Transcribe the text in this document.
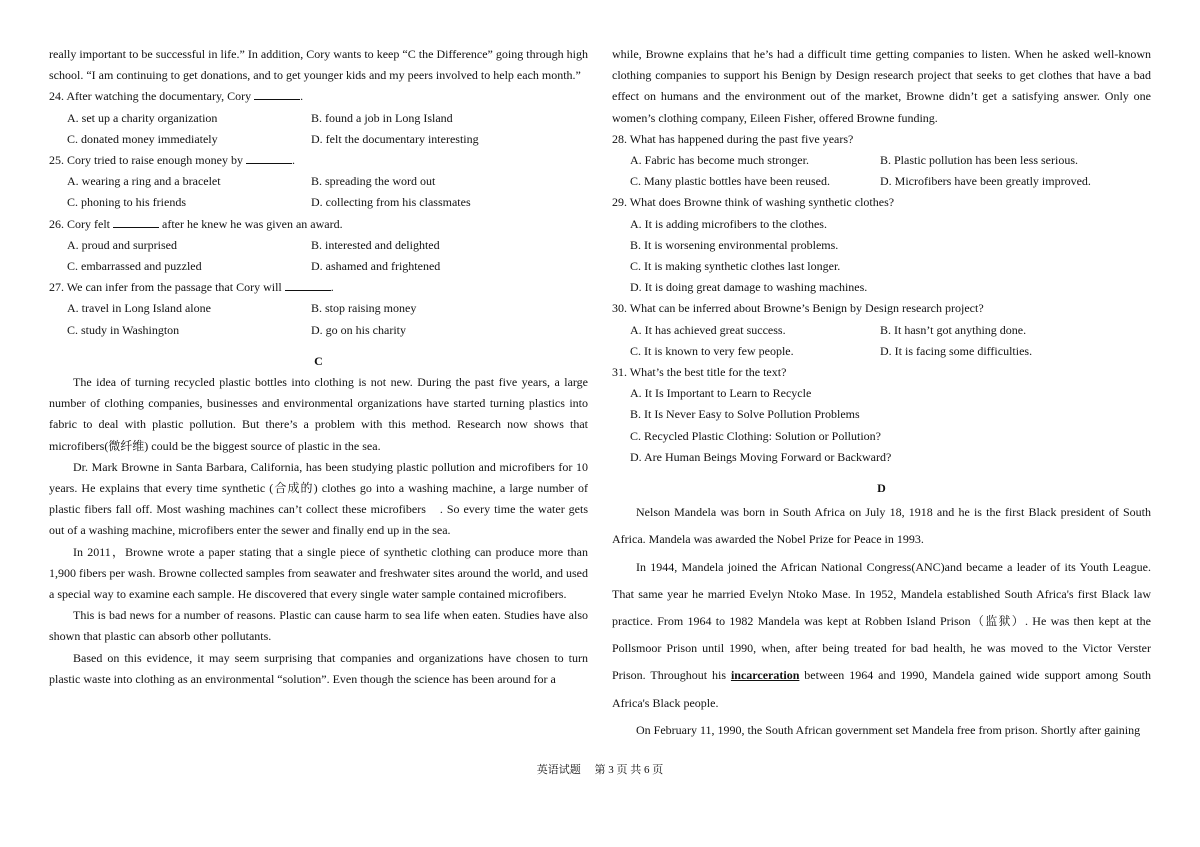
really important to be successful in life.” In addition, Cory wants to keep “C the Difference” going through high school. “I am continuing to get donations, and to get younger kids and my peers involved to help each month.”

24. After watching the documentary, Cory	.

A. set up a charity organization	B. found a job in Long Island
C. donated money immediately	D. felt the documentary interesting

25. Cory tried to raise enough money by	.

A. wearing a ring and a bracelet	B. spreading the word out
C. phoning to his friends	D. collecting from his classmates

26. Cory felt	after he knew he was given an award.

A. proud and surprised	B. interested and delighted
C. embarrassed and puzzled	D. ashamed and frightened

27. We can infer from the passage that Cory will	.

A. travel in Long Island alone	B. stop raising money
C. study in Washington	D. go on his charity

C

The idea of turning recycled plastic bottles into clothing is not new. During the past five years, a large number of clothing companies, businesses and environmental organizations have started turning plastics into fabric to deal with plastic pollution. But there’s a problem with this method. Research now shows that microfibers(微纤维) could be the biggest source of plastic in the sea.

Dr. Mark Browne in Santa Barbara, California, has been studying plastic pollution and microfibers for 10 years. He explains that every time synthetic (合成的) clothes go into a washing machine, a large number of plastic fibers fall off. Most washing machines can’t collect these microfibers　. So every time the water gets out of a washing machine, microfibers enter the sewer and finally end up in the sea.

In 2011，Browne wrote a paper stating that a single piece of synthetic clothing can produce more than 1,900 fibers per wash. Browne collected samples from seawater and freshwater sites around the world, and used a special way to examine each sample. He discovered that every single water sample contained microfibers.

This is bad news for a number of reasons. Plastic can cause harm to sea life when eaten. Studies have also shown that plastic can absorb other pollutants.

Based on this evidence, it may seem surprising that companies and organizations have chosen to turn plastic waste into clothing as an environmental “solution”. Even though the science has been around for a

while, Browne explains that he’s had a difficult time getting companies to listen. When he asked well-known clothing companies to support his Benign by Design research project that seeks to get clothes that have a bad effect on humans and the environment out of the market, Browne didn’t get a satisfying answer. Only one women’s clothing company, Eileen Fisher, offered Browne funding.

28. What has happened during the past five years?

A. Fabric has become much stronger.	B. Plastic pollution has been less serious.
C. Many plastic bottles have been reused.	D. Microfibers have been greatly improved.

29. What does Browne think of washing synthetic clothes?

A. It is adding microfibers to the clothes.

B. It is worsening environmental problems.

C. It is making synthetic clothes last longer.

D. It is doing great damage to washing machines.

30. What can be inferred about Browne’s Benign by Design research project?

A. It has achieved great success.	B. It hasn’t got anything done.
C. It is known to very few people.	D. It is facing some difficulties.

31. What’s the best title for the text?

A. It Is Important to Learn to Recycle

B. It Is Never Easy to Solve Pollution Problems

C. Recycled Plastic Clothing: Solution or Pollution?

D. Are Human Beings Moving Forward or Backward?

D

Nelson Mandela was born in South Africa on July 18, 1918 and he is the first Black president of South Africa. Mandela was awarded the Nobel Prize for Peace in 1993.

In 1944, Mandela joined the African National Congress(ANC)and became a leader of its Youth League. That same year he married Evelyn Ntoko Mase. In 1952, Mandela established South Africa's first Black law practice. From 1964 to 1982 Mandela was kept at Robben Island Prison（监狱）. He was then kept at the Pollsmoor Prison until 1990, when, after being treated for bad health, he was moved to the Victor Verster Prison. Throughout his incarceration between 1964 and 1990, Mandela gained wide support among South Africa's Black people.

On February 11, 1990, the South African government set Mandela free from prison. Shortly after gaining

英语试题　 第 3 页 共 6 页
